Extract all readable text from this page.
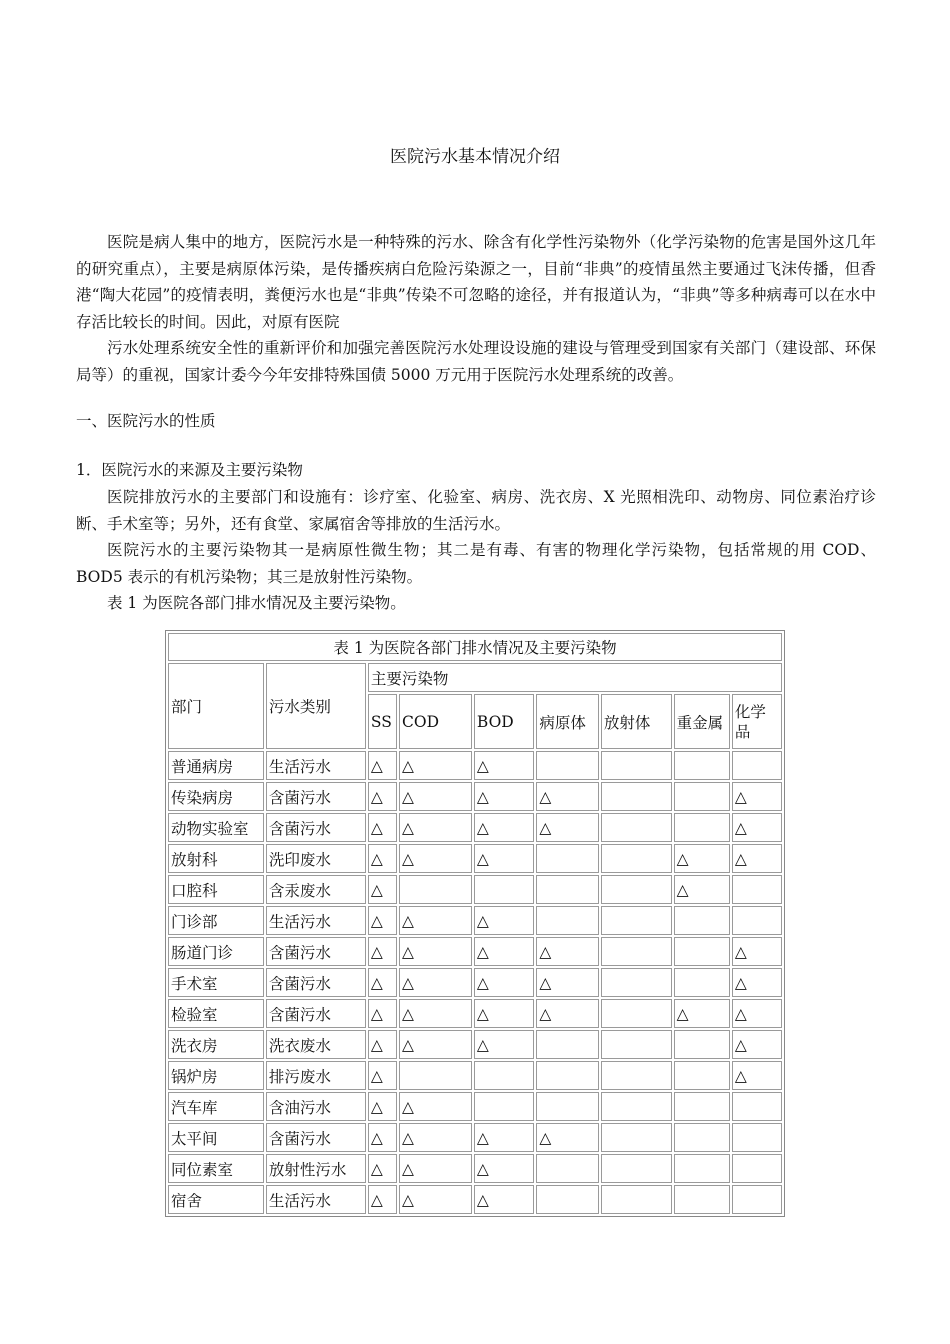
医院污水基本情况介绍

医院是病人集中的地方，医院污水是一种特殊的污水、除含有化学性污染物外（化学污染物的危害是国外这几年的研究重点），主要是病原体污染，是传播疾病白危险污染源之一，目前“非典”的疫情虽然主要通过飞沫传播，但香港“陶大花园”的疫情表明，粪便污水也是“非典”传染不可忽略的途径，并有报道认为，“非典”等多种病毒可以在水中存活比较长的时间。因此，对原有医院

污水处理系统安全性的重新评价和加强完善医院污水处理设设施的建设与管理受到国家有关部门（建设部、环保局等）的重视，国家计委今今年安排特殊国债 5000 万元用于医院污水处理系统的改善。

一、医院污水的性质

1．医院污水的来源及主要污染物

医院排放污水的主要部门和设施有：诊疗室、化验室、病房、洗衣房、X 光照相洗印、动物房、同位素治疗诊断、手术室等；另外，还有食堂、家属宿舍等排放的生活污水。

医院污水的主要污染物其一是病原性微生物；其二是有毒、有害的物理化学污染物，包括常规的用 COD、BOD5 表示的有机污染物；其三是放射性污染物。

表 1 为医院各部门排水情况及主要污染物。

表 1 为医院各部门排水情况及主要污染物								
部门	污水类别	主要污染物						
		SS	COD	BOD	病原体	放射体	重金属	化学品
普通病房	生活污水	△	△	△				
传染病房	含菌污水	△	△	△	△			△
动物实验室	含菌污水	△	△	△	△			△
放射科	洗印废水	△	△	△			△	△
口腔科	含汞废水	△					△	
门诊部	生活污水	△	△	△				
肠道门诊	含菌污水	△	△	△	△			△
手术室	含菌污水	△	△	△	△			△
检验室	含菌污水	△	△	△	△		△	△
洗衣房	洗衣废水	△	△	△				△
锅炉房	排污废水	△						△
汽车库	含油污水	△	△					
太平间	含菌污水	△	△	△	△			
同位素室	放射性污水	△	△	△				
宿舍	生活污水	△	△	△				
